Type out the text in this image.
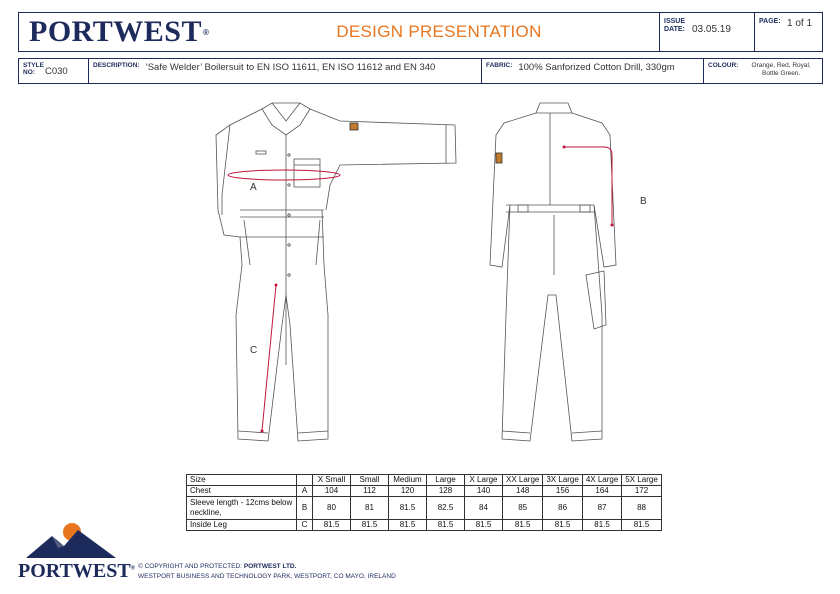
PORTWEST ®	DESIGN PRESENTATION
ISSUE DATE: 03.05.19
PAGE: 1 of 1
STYLE NO:	C030
DESCRIPTION: ‘Safe Welder’ Boilersuit to EN ISO 11611, EN ISO 11612 and EN 340	FABRIC: 100% Sanforized Cotton Drill, 330gm	COLOUR:	Orange, Red, Royal, Bottle Green.
A
B
C
Size		X Small	Small	Medium	Large	X Large	XX Large	3X Large	4X Large	5X Large
Chest	A	104	112	120	128	140	148	156	164	172
Sleeve length - 12cms below neckline,	B	80	81	81.5	82.5	84	85	86	87	88
Inside Leg	C	81.5	81.5	81.5	81.5	81.5	81.5	81.5	81.5	81.5
PORTWEST® © COPYRIGHT AND PROTECTED: PORTWEST LTD.
WESTPORT BUSINESS AND TECHNOLOGY PARK, WESTPORT, CO MAYO, IRELAND
